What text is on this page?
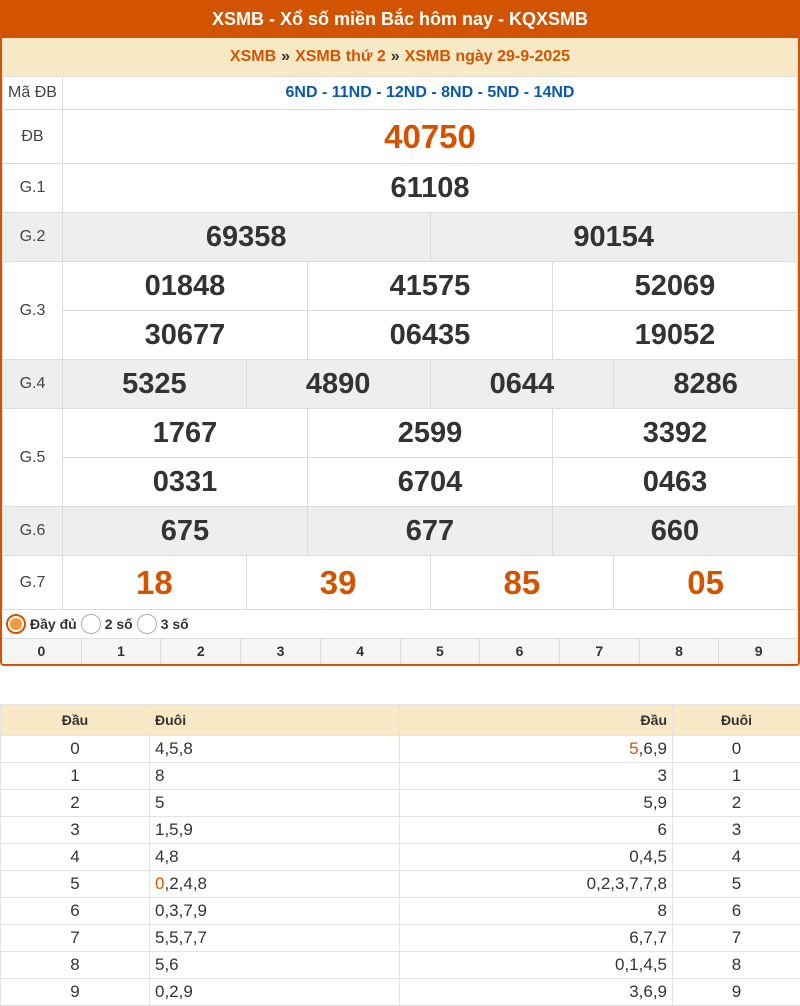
XSMB - Xổ số miền Bắc hôm nay - KQXSMB
XSMB » XSMB thứ 2 » XSMB ngày 29-9-2025
Mã ĐB	6ND - 11ND - 12ND - 8ND - 5ND - 14ND					
ĐB	40750					
G.1	61108					
G.2	69358			90154		
G.3	01848		41575		52069	
	30677		06435		19052	
G.4	5325	4890		0644		8286
G.5	1767		2599		3392	
	0331		6704		0463	
G.6	675		677		660	
G.7	18	39		85		05
Đầy đủ 2 số 3 số
0	1	2	3	4	5	6	7	8	9
Đầu	Đuôi	Đầu	Đuôi
0	4,5,8	5,6,9	0
1	8	3	1
2	5	5,9	2
3	1,5,9	6	3
4	4,8	0,4,5	4
5	0,2,4,8	0,2,3,7,7,8	5
6	0,3,7,9	8	6
7	5,5,7,7	6,7,7	7
8	5,6	0,1,4,5	8
9	0,2,9	3,6,9	9
